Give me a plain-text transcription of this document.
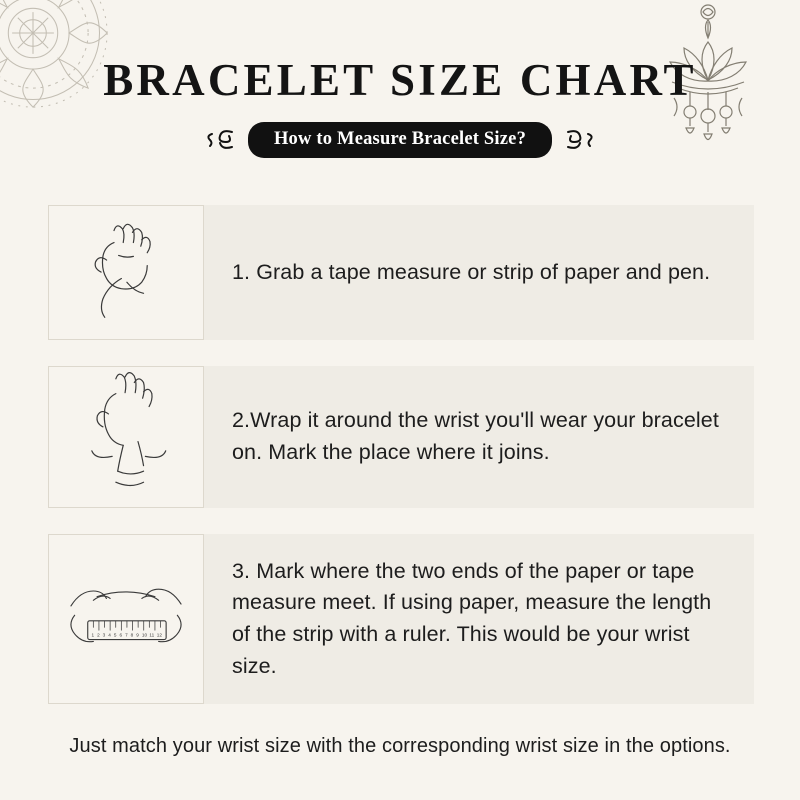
BRACELET SIZE CHART
How to Measure Bracelet Size?
1. Grab a tape measure or strip of paper and pen.
2.Wrap it around the wrist you'll wear your bracelet on. Mark the place where it joins.
1 2 3 4 5 6 7 8 9 10 11 12
3. Mark where the two ends of the paper or tape measure meet. If using paper, measure the length of the strip with a ruler. This would be your wrist size.
Just match your wrist size with the corresponding wrist size in the options.
